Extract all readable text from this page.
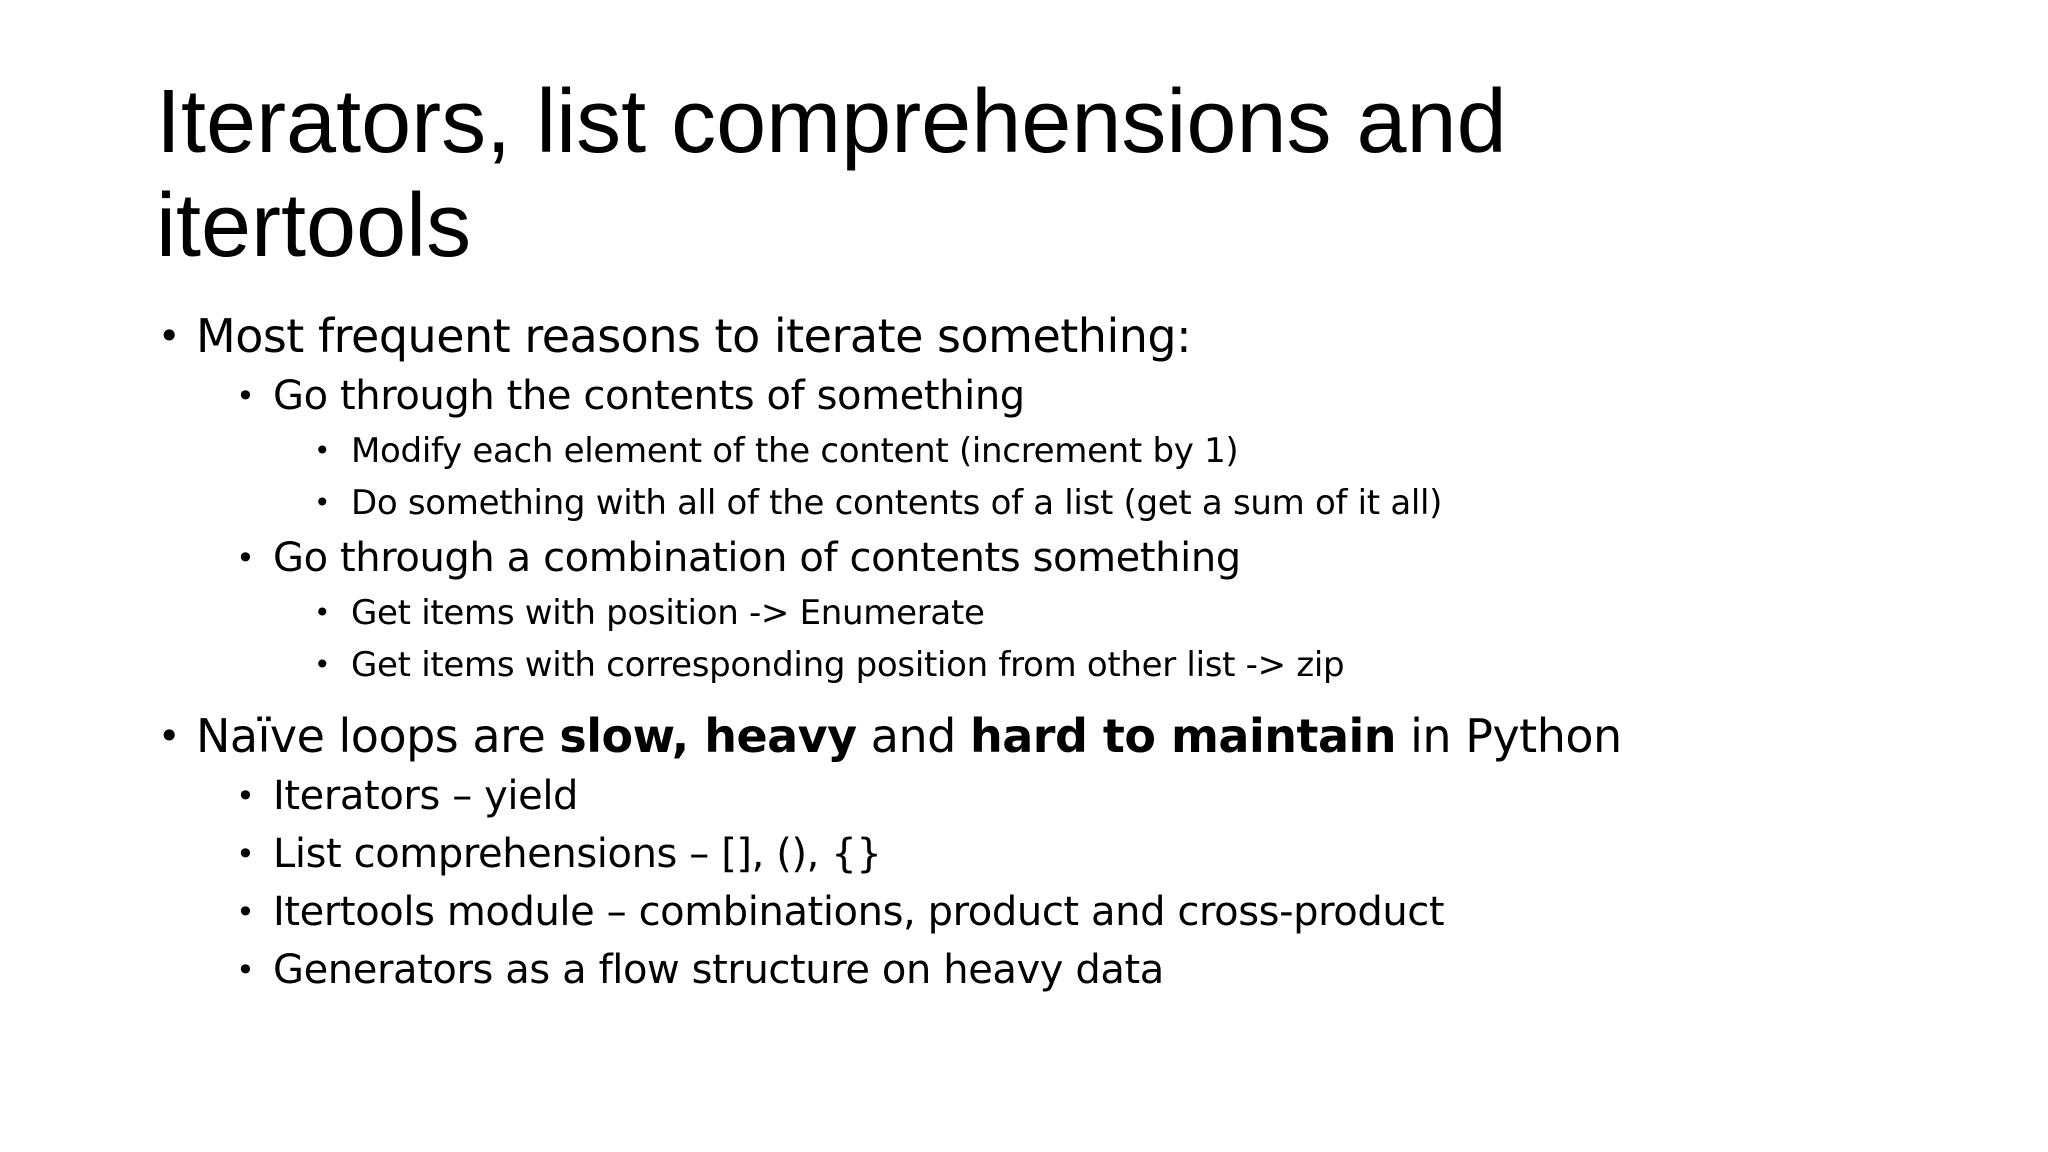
Iterators, list comprehensions and
itertools
• Most frequent reasons to iterate something:
• Go through the contents of something
• Modify each element of the content (increment by 1)
• Do something with all of the contents of a list (get a sum of it all)
• Go through a combination of contents something
• Get items with position -> Enumerate
• Get items with corresponding position from other list -> zip
• Naïve loops are slow, heavy and hard to maintain in Python
• Iterators – yield
• List comprehensions – [], (), {}
• Itertools module – combinations, product and cross-product
• Generators as a flow structure on heavy data
